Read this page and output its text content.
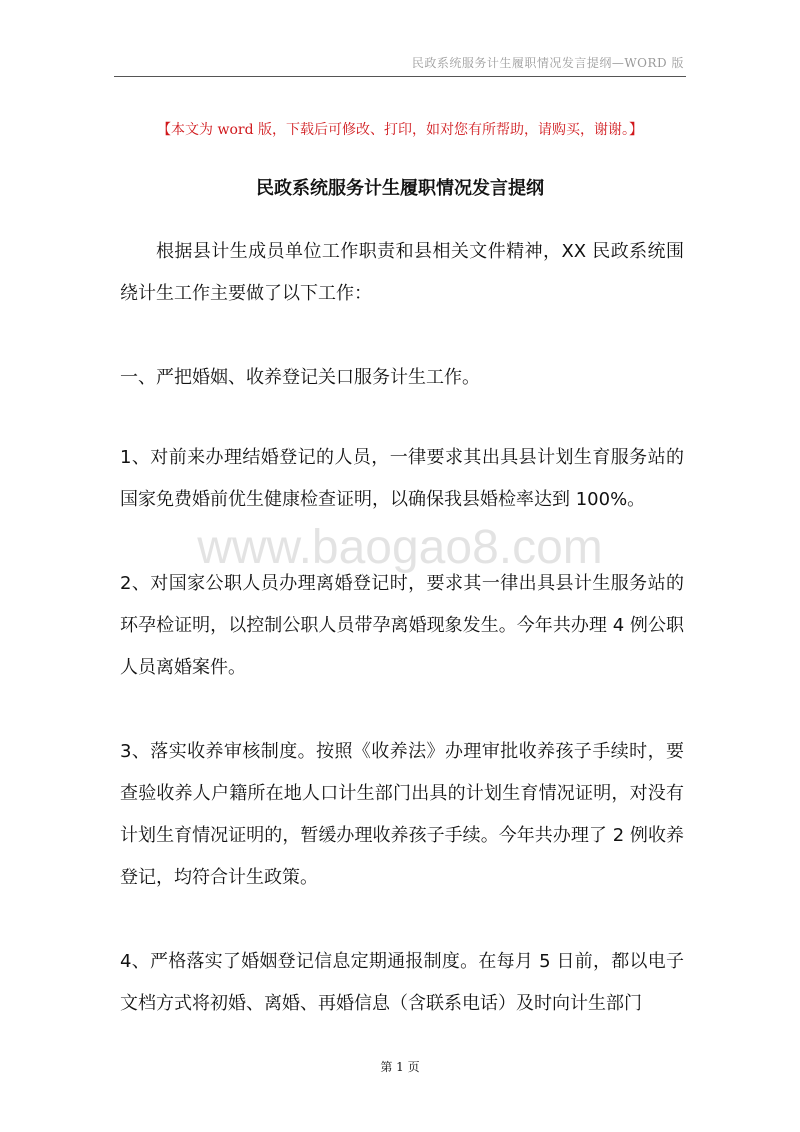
民政系统服务计生履职情况发言提纲—WORD 版
【本文为 word 版，下载后可修改、打印，如对您有所帮助，请购买，谢谢。】
民政系统服务计生履职情况发言提纲

根据县计生成员单位工作职责和县相关文件精神，XX 民政系统围绕计生工作主要做了以下工作：

一、严把婚姻、收养登记关口服务计生工作。

1、对前来办理结婚登记的人员，一律要求其出具县计划生育服务站的国家免费婚前优生健康检查证明，以确保我县婚检率达到 100%。

2、对国家公职人员办理离婚登记时，要求其一律出具县计生服务站的环孕检证明，以控制公职人员带孕离婚现象发生。今年共办理 4 例公职人员离婚案件。

3、落实收养审核制度。按照《收养法》办理审批收养孩子手续时，要查验收养人户籍所在地人口计生部门出具的计划生育情况证明，对没有计划生育情况证明的，暂缓办理收养孩子手续。今年共办理了 2 例收养登记，均符合计生政策。

4、严格落实了婚姻登记信息定期通报制度。在每月 5 日前，都以电子文档方式将初婚、离婚、再婚信息（含联系电话）及时向计生部门

www.baogao8.com
第 1 页
